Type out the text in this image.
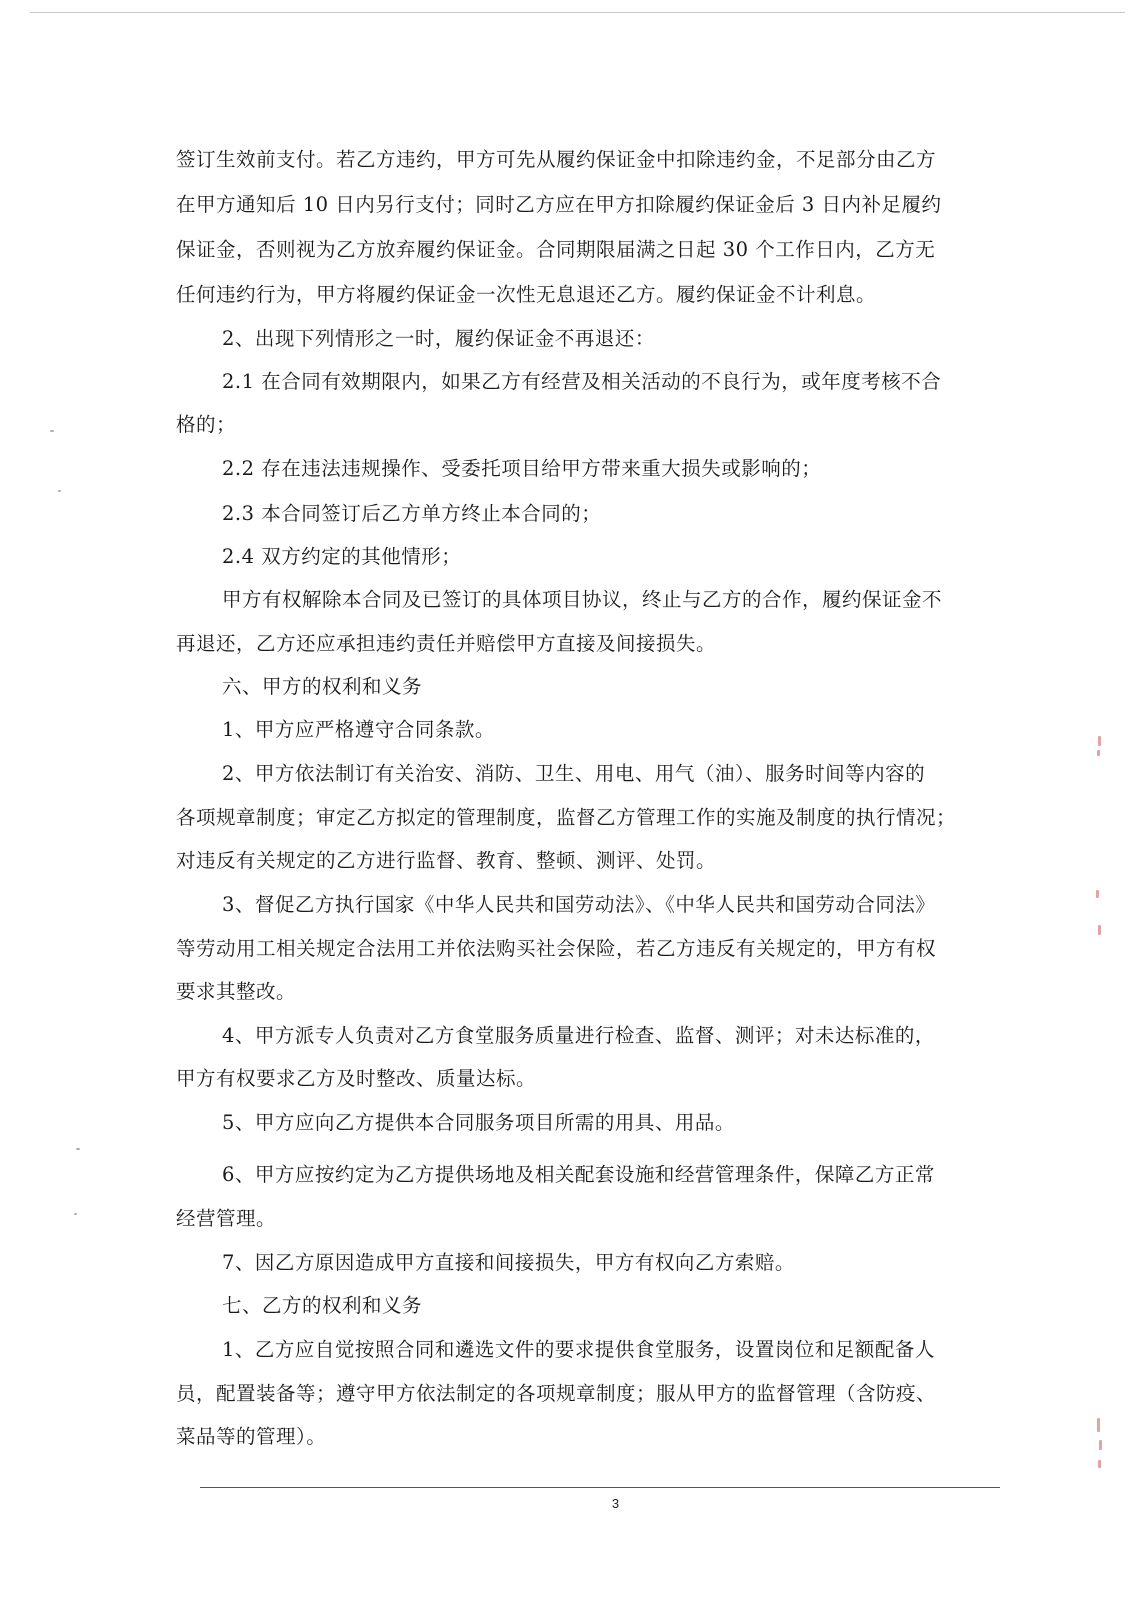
签订生效前支付。若乙方违约，甲方可先从履约保证金中扣除违约金，不足部分由乙方
在甲方通知后 10 日内另行支付；同时乙方应在甲方扣除履约保证金后 3 日内补足履约
保证金，否则视为乙方放弃履约保证金。合同期限届满之日起 30 个工作日内，乙方无
任何违约行为，甲方将履约保证金一次性无息退还乙方。履约保证金不计利息。
2、出现下列情形之一时，履约保证金不再退还：
2.1 在合同有效期限内，如果乙方有经营及相关活动的不良行为，或年度考核不合
格的；
2.2 存在违法违规操作、受委托项目给甲方带来重大损失或影响的；
2.3 本合同签订后乙方单方终止本合同的；
2.4 双方约定的其他情形；
甲方有权解除本合同及已签订的具体项目协议，终止与乙方的合作，履约保证金不
再退还，乙方还应承担违约责任并赔偿甲方直接及间接损失。
六、甲方的权利和义务
1、甲方应严格遵守合同条款。
2、甲方依法制订有关治安、消防、卫生、用电、用气（油）、服务时间等内容的
各项规章制度；审定乙方拟定的管理制度，监督乙方管理工作的实施及制度的执行情况；
对违反有关规定的乙方进行监督、教育、整顿、测评、处罚。
3、督促乙方执行国家《中华人民共和国劳动法》、《中华人民共和国劳动合同法》
等劳动用工相关规定合法用工并依法购买社会保险，若乙方违反有关规定的，甲方有权
要求其整改。
4、甲方派专人负责对乙方食堂服务质量进行检查、监督、测评；对未达标准的，
甲方有权要求乙方及时整改、质量达标。
5、甲方应向乙方提供本合同服务项目所需的用具、用品。
6、甲方应按约定为乙方提供场地及相关配套设施和经营管理条件，保障乙方正常
经营管理。
7、因乙方原因造成甲方直接和间接损失，甲方有权向乙方索赔。
七、乙方的权利和义务
1、乙方应自觉按照合同和遴选文件的要求提供食堂服务，设置岗位和足额配备人
员，配置装备等；遵守甲方依法制定的各项规章制度；服从甲方的监督管理（含防疫、
菜品等的管理）。
3
